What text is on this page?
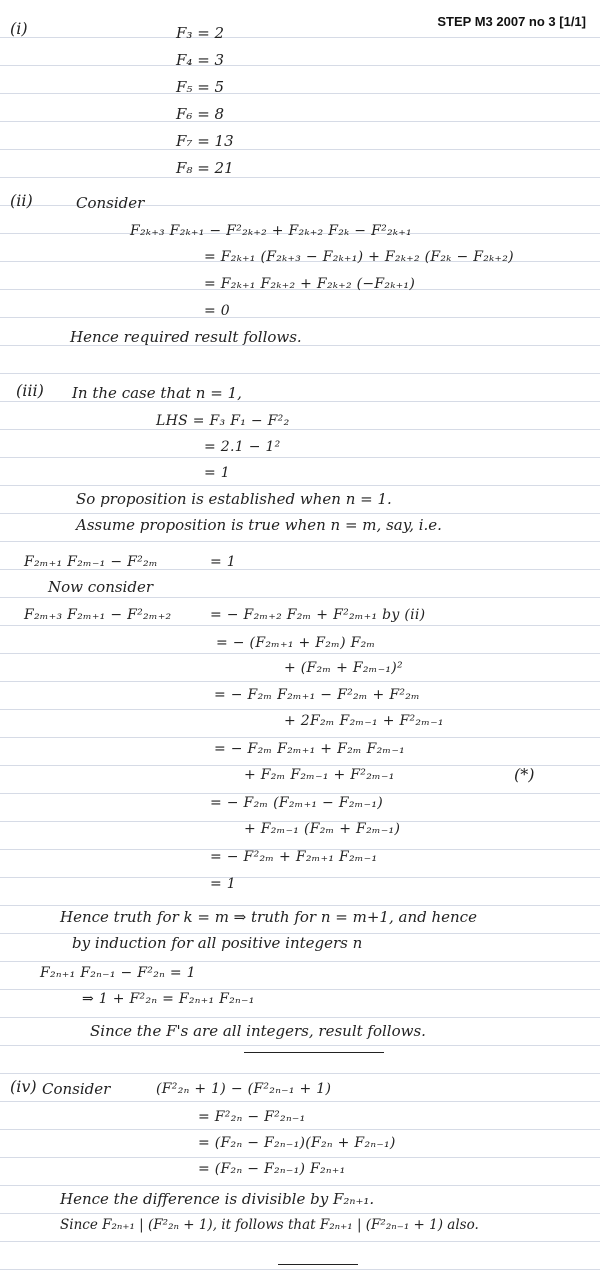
STEP M3 2007 no 3 [1/1]
(i)	F₃ = 2
F₄ = 3
F₅ = 5
F₆ = 8
F₇ = 13
F₈ = 21
(ii)	Consider
F₂ₖ₊₃ F₂ₖ₊₁ − F²₂ₖ₊₂ + F₂ₖ₊₂ F₂ₖ − F²₂ₖ₊₁
= F₂ₖ₊₁ (F₂ₖ₊₃ − F₂ₖ₊₁) + F₂ₖ₊₂ (F₂ₖ − F₂ₖ₊₂)
= F₂ₖ₊₁ F₂ₖ₊₂ + F₂ₖ₊₂ (−F₂ₖ₊₁)
= 0
Hence required result follows.
(iii) In the case that n = 1,
LHS = F₃ F₁ − F²₂
= 2.1 − 1²
= 1
So proposition is established when n = 1.
Assume proposition is true when n = m, say, i.e.
F₂ₘ₊₁ F₂ₘ₋₁ − F²₂ₘ	= 1
Now consider
F₂ₘ₊₃ F₂ₘ₊₁ − F²₂ₘ₊₂	= − F₂ₘ₊₂ F₂ₘ + F²₂ₘ₊₁ by (ii)
= − (F₂ₘ₊₁ + F₂ₘ) F₂ₘ
+ (F₂ₘ + F₂ₘ₋₁)²
= − F₂ₘ F₂ₘ₊₁ − F²₂ₘ + F²₂ₘ
+ 2F₂ₘ F₂ₘ₋₁ + F²₂ₘ₋₁
= − F₂ₘ F₂ₘ₊₁ + F₂ₘ F₂ₘ₋₁
+ F₂ₘ F₂ₘ₋₁ + F²₂ₘ₋₁	(*)
= − F₂ₘ (F₂ₘ₊₁ − F₂ₘ₋₁)
+ F₂ₘ₋₁ (F₂ₘ + F₂ₘ₋₁)
= − F²₂ₘ + F₂ₘ₊₁ F₂ₘ₋₁
= 1
Hence truth for k = m ⇒ truth for n = m+1, and hence
by induction for all positive integers n
F₂ₙ₊₁ F₂ₙ₋₁ − F²₂ₙ = 1
⇒ 1 + F²₂ₙ = F₂ₙ₊₁ F₂ₙ₋₁
Since the F's are all integers, result follows.
(iv) Consider	(F²₂ₙ + 1) − (F²₂ₙ₋₁ + 1)
= F²₂ₙ − F²₂ₙ₋₁
= (F₂ₙ − F₂ₙ₋₁)(F₂ₙ + F₂ₙ₋₁)
= (F₂ₙ − F₂ₙ₋₁) F₂ₙ₊₁
Hence the difference is divisible by F₂ₙ₊₁.
Since F₂ₙ₊₁ | (F²₂ₙ + 1), it follows that F₂ₙ₊₁ | (F²₂ₙ₋₁ + 1) also.
